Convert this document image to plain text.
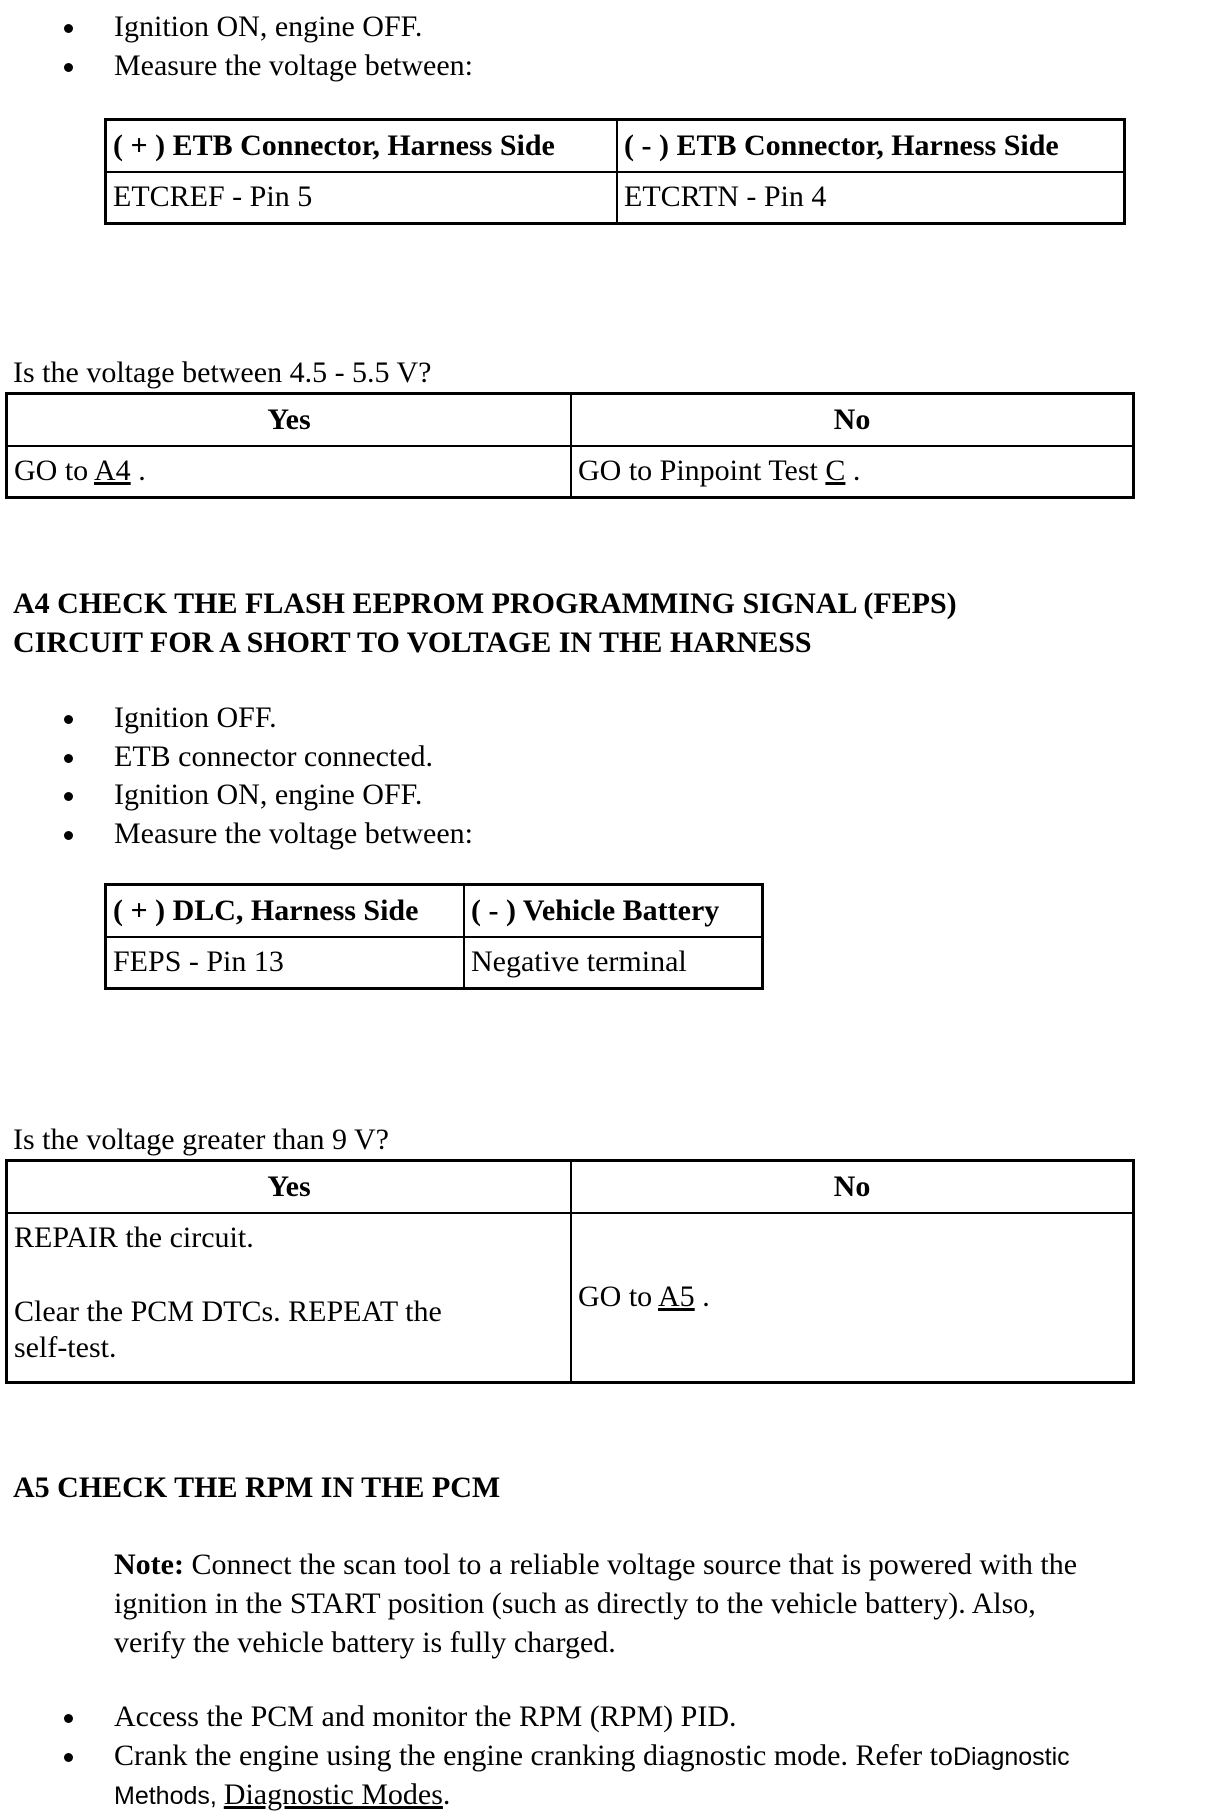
Ignition ON, engine OFF.
Measure the voltage between:
( + ) ETB Connector, Harness Side	( - ) ETB Connector, Harness Side
ETCREF - Pin 5	ETCRTN - Pin 4
Is the voltage between 4.5 - 5.5 V?
Yes	No
GO to A4 .	GO to Pinpoint Test C .
A4 CHECK THE FLASH EEPROM PROGRAMMING SIGNAL (FEPS)
CIRCUIT FOR A SHORT TO VOLTAGE IN THE HARNESS
Ignition OFF.
ETB connector connected.
Ignition ON, engine OFF.
Measure the voltage between:
( + ) DLC, Harness Side	( - ) Vehicle Battery
FEPS - Pin 13	Negative terminal
Is the voltage greater than 9 V?
Yes	No

REPAIR the circuit.
Clear the PCM DTCs. REPEAT the
self-test.	GO to A5 .
A5 CHECK THE RPM IN THE PCM
Note: Connect the scan tool to a reliable voltage source that is powered with the
ignition in the START position (such as directly to the vehicle battery). Also,
verify the vehicle battery is fully charged.
Access the PCM and monitor the RPM (RPM) PID.
Crank the engine using the engine cranking diagnostic mode. Refer toDiagnostic
Methods, Diagnostic Modes.
